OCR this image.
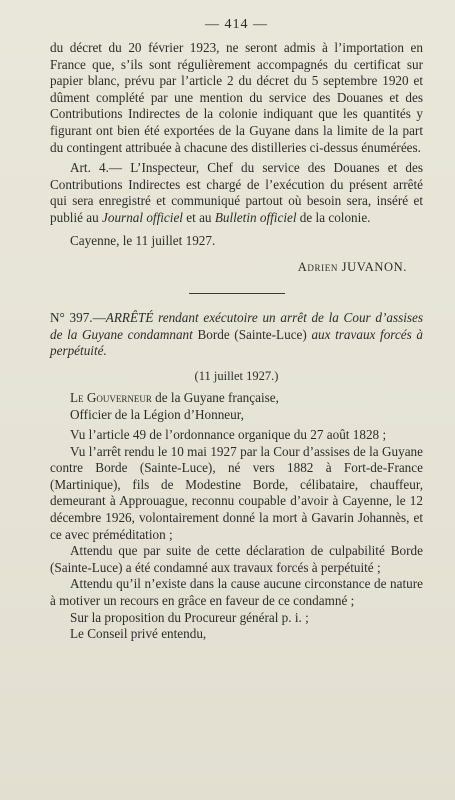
— 414 —

du décret du 20 février 1923, ne seront admis à l’importation en France que, s’ils sont régulièrement accompagnés du certificat sur papier blanc, prévu par l’article 2 du décret du 5 septembre 1920 et dûment complété par une mention du service des Douanes et des Contributions Indirectes de la colonie indiquant que les quantités y figurant ont bien été exportées de la Guyane dans la limite de la part du contingent attribuée à chacune des distilleries ci-dessus énumérées.

Art. 4.— L’Inspecteur, Chef du service des Douanes et des Contributions Indirectes est chargé de l’exécution du présent arrêté qui sera enregistré et communiqué partout où besoin sera, inséré et publié au Journal officiel et au Bulletin officiel de la colonie.

Cayenne, le 11 juillet 1927.
Adrien JUVANON.

N° 397.—ARRÊTÉ rendant exécutoire un arrêt de la Cour d’assises de la Guyane condamnant Borde (Sainte-Luce) aux travaux forcés à perpétuité.

(11 juillet 1927.)
Le Gouverneur de la Guyane française,
Officier de la Légion d’Honneur,

Vu l’article 49 de l’ordonnance organique du 27 août 1828 ;

Vu l’arrêt rendu le 10 mai 1927 par la Cour d’assises de la Guyane contre Borde (Sainte-Luce), né vers 1882 à Fort-de-France (Martinique), fils de Modestine Borde, célibataire, chauffeur, demeurant à Approuague, reconnu coupable d’avoir à Cayenne, le 12 décembre 1926, volontairement donné la mort à Gavarin Johannès, et ce avec préméditation ;

Attendu que par suite de cette déclaration de culpabilité Borde (Sainte-Luce) a été condamné aux travaux forcés à perpétuité ;

Attendu qu’il n’existe dans la cause aucune circonstance de nature à motiver un recours en grâce en faveur de ce condamné ;

Sur la proposition du Procureur général p. i. ;

Le Conseil privé entendu,
